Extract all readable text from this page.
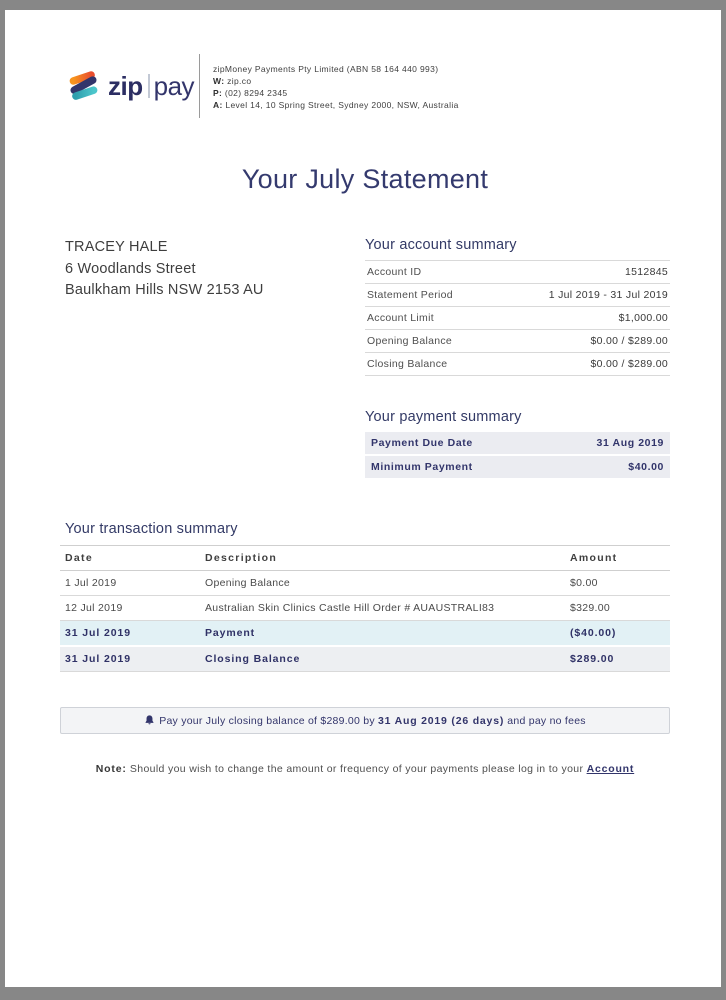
zip pay
zipMoney Payments Pty Limited (ABN 58 164 440 993)
W: zip.co
P: (02) 8294 2345
A: Level 14, 10 Spring Street, Sydney 2000, NSW, Australia
Your July Statement
TRACEY HALE
6 Woodlands Street
Baulkham Hills NSW 2153 AU
Your account summary
Account ID	1512845
Statement Period	1 Jul 2019 - 31 Jul 2019
Account Limit	$1,000.00
Opening Balance	$0.00 / $289.00
Closing Balance	$0.00 / $289.00
Your payment summary
Payment Due Date	31 Aug 2019
Minimum Payment	$40.00
Your transaction summary
Date	Description	Amount
1 Jul 2019	Opening Balance	$0.00
12 Jul 2019	Australian Skin Clinics Castle Hill Order # AUAUSTRALI83	$329.00
31 Jul 2019	Payment	($40.00)
31 Jul 2019	Closing Balance	$289.00
Pay your July closing balance of $289.00 by 31 Aug 2019 (26 days) and pay no fees
Note: Should you wish to change the amount or frequency of your payments please log in to your Account
